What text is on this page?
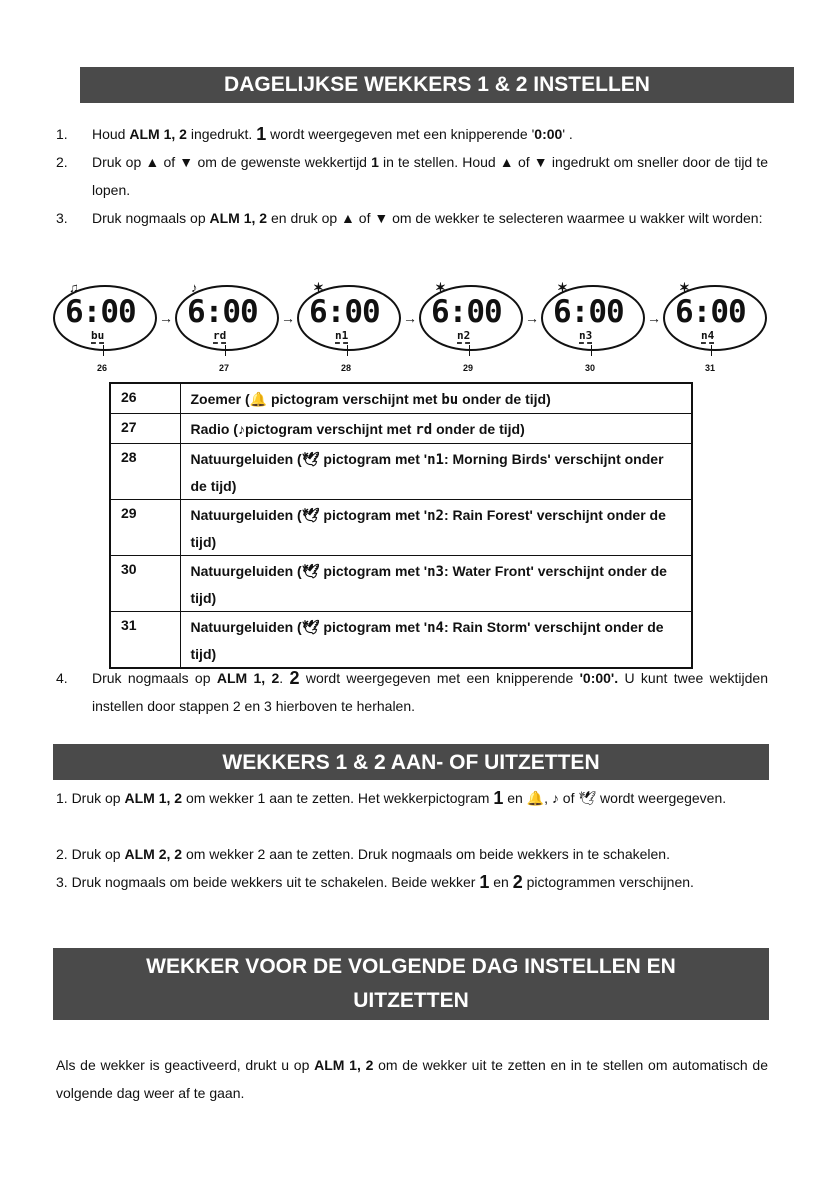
DAGELIJKSE WEKKERS 1 & 2 INSTELLEN
1. Houd ALM 1, 2 ingedrukt. 1 wordt weergegeven met een knipperende '0:00' .
2. Druk op ▲ of ▼ om de gewenste wekkertijd 1 in te stellen. Houd ▲ of ▼ ingedrukt om sneller door de tijd te lopen.
3. Druk nogmaals op ALM 1, 2 en druk op ▲ of ▼ om de wekker te selecteren waarmee u wakker wilt worden:
♫
6:00
bu
→
♪
6:00
rd
→
✶
6:00
n1
→
✶
6:00
n2
→
✶
6:00
n3
→
✶
6:00
n4
26	27	28	29	30	31
26	Zoemer (🔔 pictogram verschijnt met bu onder de tijd)
27	Radio (♪pictogram verschijnt met rd onder de tijd)
28	Natuurgeluiden (🕊 pictogram met 'n1: Morning Birds' verschijnt onder de tijd)
29	Natuurgeluiden (🕊 pictogram met 'n2: Rain Forest' verschijnt onder de tijd)
30	Natuurgeluiden (🕊 pictogram met 'n3: Water Front' verschijnt onder de tijd)
31	Natuurgeluiden (🕊 pictogram met 'n4: Rain Storm' verschijnt onder de tijd)
4. Druk nogmaals op ALM 1, 2. 2 wordt weergegeven met een knipperende '0:00'. U kunt twee wektijden instellen door stappen 2 en 3 hierboven te herhalen.
WEKKERS 1 & 2 AAN- OF UITZETTEN
1. Druk op ALM 1, 2 om wekker 1 aan te zetten. Het wekkerpictogram 1 en 🔔, ♪ of 🕊 wordt weergegeven.
2. Druk op ALM 2, 2 om wekker 2 aan te zetten. Druk nogmaals om beide wekkers in te schakelen.
3. Druk nogmaals om beide wekkers uit te schakelen. Beide wekker 1 en 2 pictogrammen verschijnen.
WEKKER VOOR DE VOLGENDE DAG INSTELLEN EN
UITZETTEN
Als de wekker is geactiveerd, drukt u op ALM 1, 2 om de wekker uit te zetten en in te stellen om automatisch de volgende dag weer af te gaan.
